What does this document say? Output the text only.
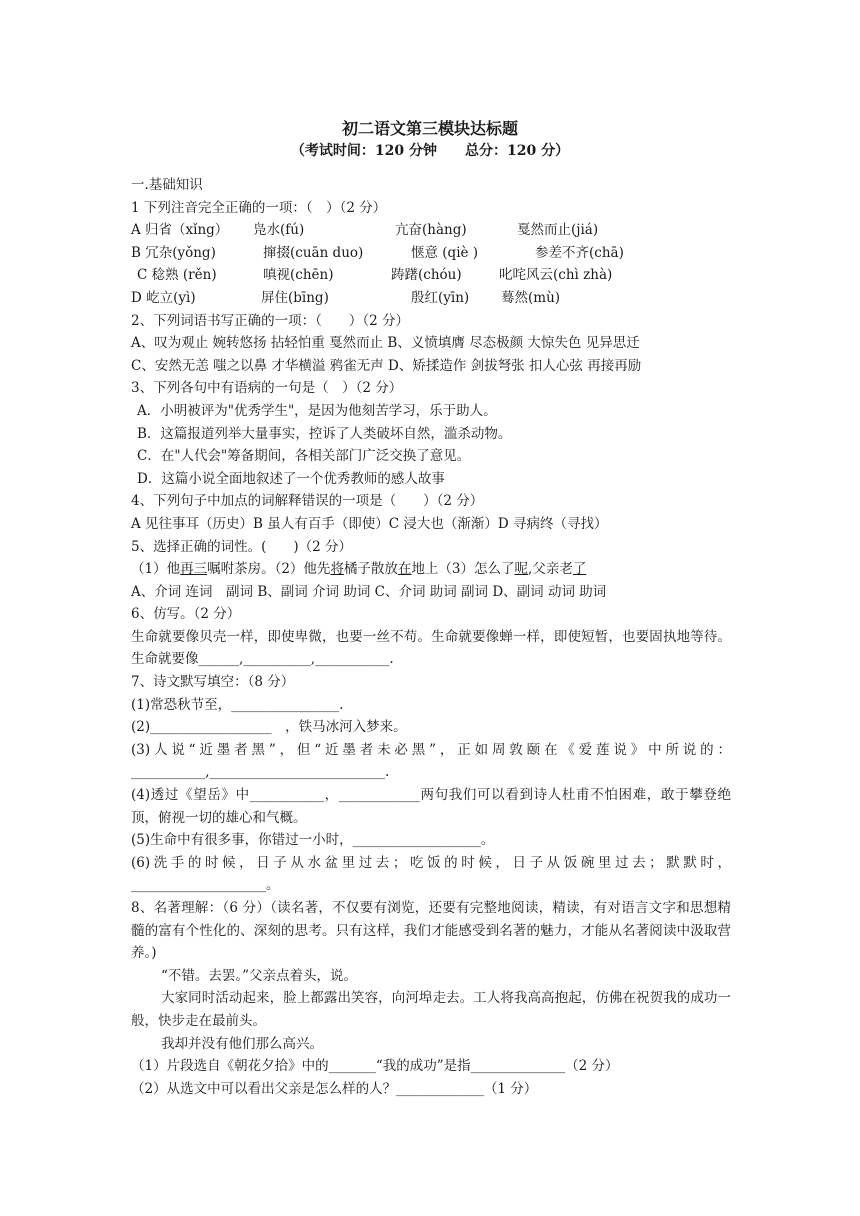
初二语文第三模块达标题
（考试时间：120 分钟 总分：120 分）
一.基础知识
1 下列注音完全正确的一项：（　）（2 分）
A 归省（xǐng） 凫水(fú)	亢奋(hàng)	戛然而止(jiá)
B 冗杂(yǒng)	撺掇(cuān duo)	惬意 (qiè )	参差不齐(chā)
C 稔熟 (rěn)	嗔视(chēn)	踌躇(chóu)	叱咤风云(chì zhà)
D 屹立(yì)	屏住(bīng)	殷红(yīn) 蓦然(mù)
2、下列词语书写正确的一项：（　　）（2 分）
A、叹为观止 婉转悠扬 拈轻怕重 戛然而止 B、义愤填膺 尽态极颜 大惊失色 见异思迁
C、安然无恙 嗤之以鼻 才华横溢 鸦雀无声 D、矫揉造作 剑拔弩张 扣人心弦 再接再励
3、下列各句中有语病的一句是（　）（2 分）
A．小明被评为"优秀学生"，是因为他刻苦学习，乐于助人。
B．这篇报道列举大量事实，控诉了人类破坏自然，滥杀动物。
C．在"人代会"筹备期间，各相关部门广泛交换了意见。
D．这篇小说全面地叙述了一个优秀教师的感人故事
4、下列句子中加点的词解释错误的一项是（　　）（2 分）
A 见往事耳（历史）B 虽人有百手（即使）C 浸大也（渐渐）D 寻病终（寻找）
5、选择正确的词性。(　　)（2 分）
（1）他再三嘱咐茶房。（2）他先将橘子散放在地上（3）怎么了呢,父亲老了
A、介词 连词　副词 B、副词 介词 助词 C、介词 助词 副词 D、副词 动词 助词
6、仿写。（2 分）
生命就要像贝壳一样，即使卑微，也要一丝不苟。生命就要像蝉一样，即使短暂，也要固执地等待。生命就要像______,__________,___________.
7、诗文默写填空：（8 分）
(1)常恐秋节至，________________.
(2)__________________　，铁马冰河入梦来。
(3)人说“近墨者黑”，但“近墨者未必黑”，正如周敦颐在《爱莲说》中所说的：___________,__________________________.
(4)透过《望岳》中___________，____________两句我们可以看到诗人杜甫不怕困难，敢于攀登绝顶，俯视一切的雄心和气概。
(5)生命中有很多事，你错过一小时，___________________。
(6)洗手的时候，日子从水盆里过去；吃饭的时候，日子从饭碗里过去；默默时，____________________。
8、名著理解：（6 分）（读名著，不仅要有浏览，还要有完整地阅读，精读，有对语言文字和思想精髓的富有个性化的、深刻的思考。只有这样，我们才能感受到名著的魅力，才能从名著阅读中汲取营养。)
“不错。去罢。”父亲点着头，说。
大家同时活动起来，脸上都露出笑容，向河埠走去。工人将我高高抱起，仿佛在祝贺我的成功一般，快步走在最前头。
我却并没有他们那么高兴。
（1）片段选自《朝花夕拾》中的_______“我的成功”是指______________（2 分）
（2）从选文中可以看出父亲是怎么样的人？_____________（1 分）
